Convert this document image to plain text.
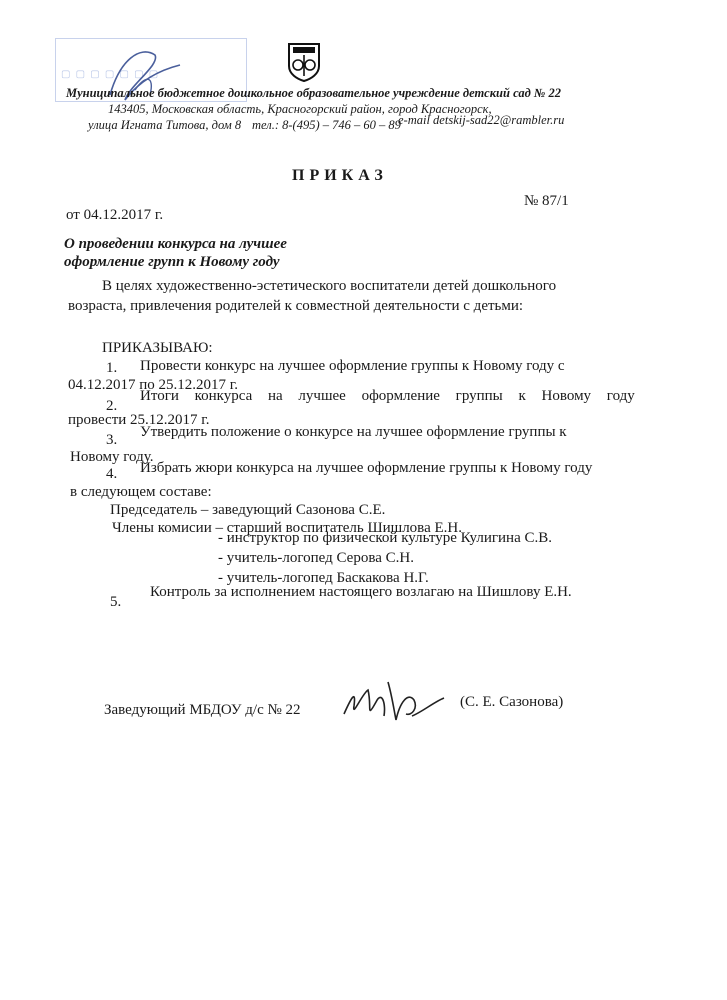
▢ ▢ ▢ ▢ ▢ ▢ ▢
Муниципальное бюджетное дошкольное образовательное учреждение детский сад № 22
143405, Московская область, Красногорский район, город Красногорск,
улица Игната Титова, дом 8 тел.: 8-(495) – 746 – 60 – 89
e-mail detskij-sad22@rambler.ru
ПРИКАЗ
№ 87/1
от 04.12.2017 г.
О проведении конкурса на лучшее
оформление групп к Новому году
В целях художественно-эстетического воспитатели детей дошкольного
возраста, привлечения родителей к совместной деятельности с детьми:
ПРИКАЗЫВАЮ:
1. Провести конкурс на лучшее оформление группы к Новому году с
04.12.2017 по 25.12.2017 г.
2.
Итоги конкурса на лучшее оформление группы к Новому году
провести 25.12.2017 г.
3. Утвердить положение о конкурсе на лучшее оформление группы к
Новому году.
4. Избрать жюри конкурса на лучшее оформление группы к Новому году
в следующем составе:
Председатель – заведующий Сазонова С.Е.
Члены комисии – старший воспитатель Шишлова Е.Н.
- инструктор по физической культуре Кулигина С.В.
- учитель-логопед Серова С.Н.
- учитель-логопед Баскакова Н.Г.
5.
Контроль за исполнением настоящего возлагаю на Шишлову Е.Н.
Заведующий МБДОУ д/с № 22	(С. Е. Сазонова)
